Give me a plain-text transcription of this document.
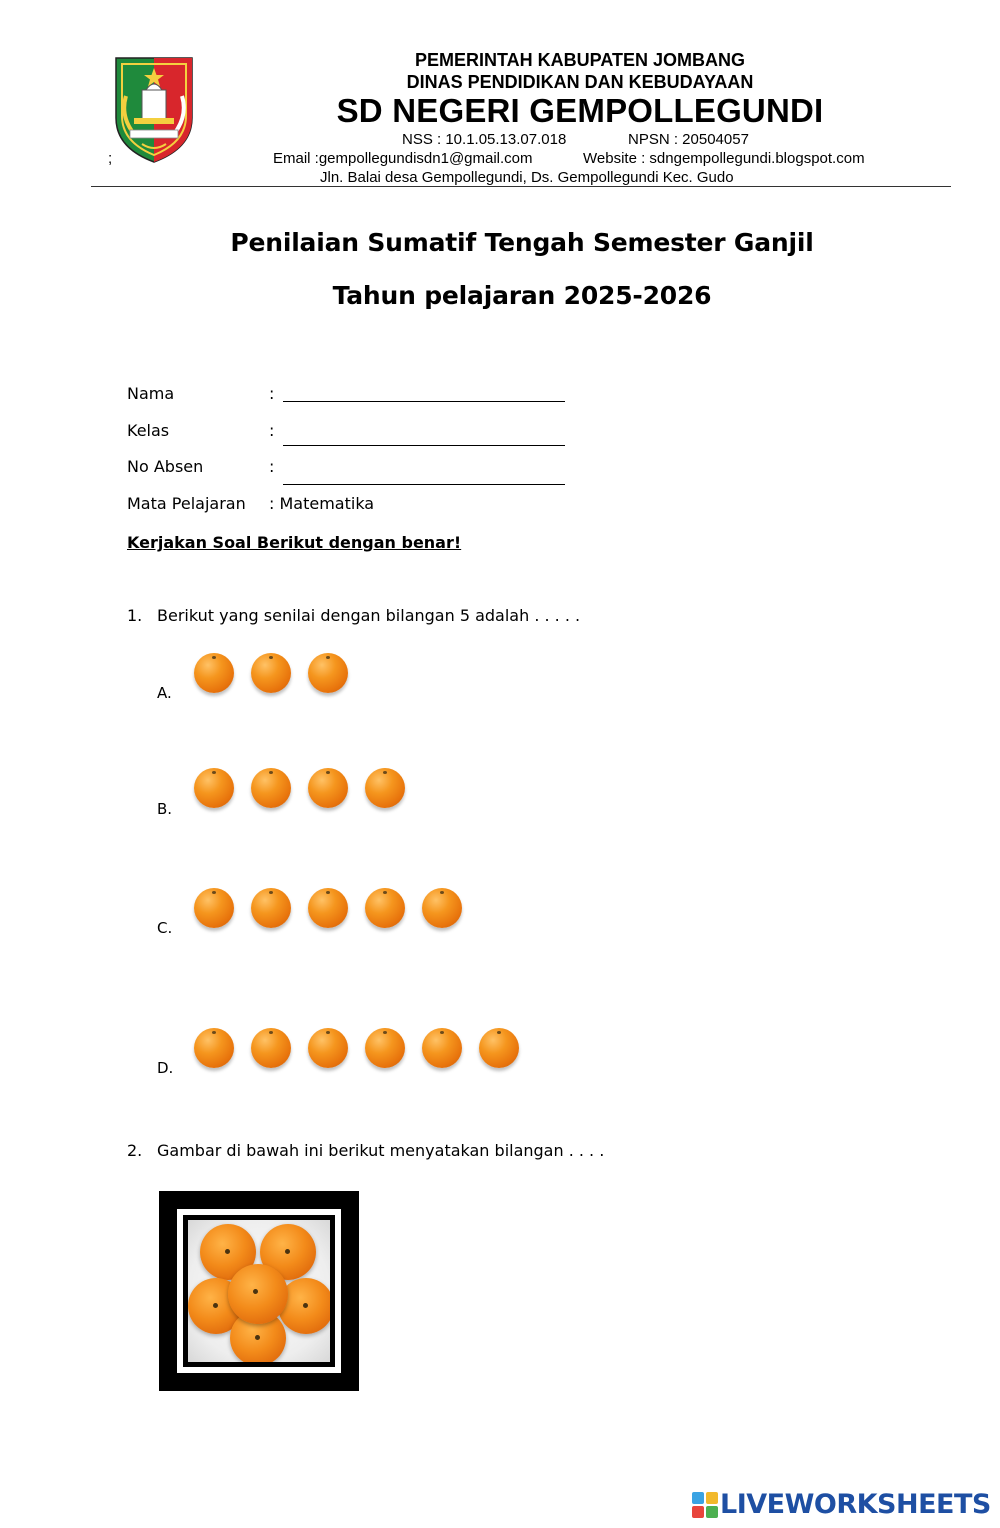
;
PEMERINTAH KABUPATEN JOMBANG
DINAS PENDIDIKAN DAN KEBUDAYAAN
SD NEGERI GEMPOLLEGUNDI
NSS : 10.1.05.13.07.018	NPSN : 20504057
Email :gempollegundisdn1@gmail.com	Website : sdngempollegundi.blogspot.com
Jln. Balai desa Gempollegundi, Ds. Gempollegundi Kec. Gudo
Penilaian Sumatif Tengah Semester Ganjil
Tahun pelajaran 2025-2026
Nama	:
Kelas	:
No Absen	:
Mata Pelajaran : Matematika
Kerjakan Soal Berikut dengan benar!
1. Berikut yang senilai dengan bilangan 5 adalah . . . . .
A.
B.
C.
D.
2. Gambar di bawah ini berikut menyatakan bilangan . . . .
LIVEWORKSHEETS
